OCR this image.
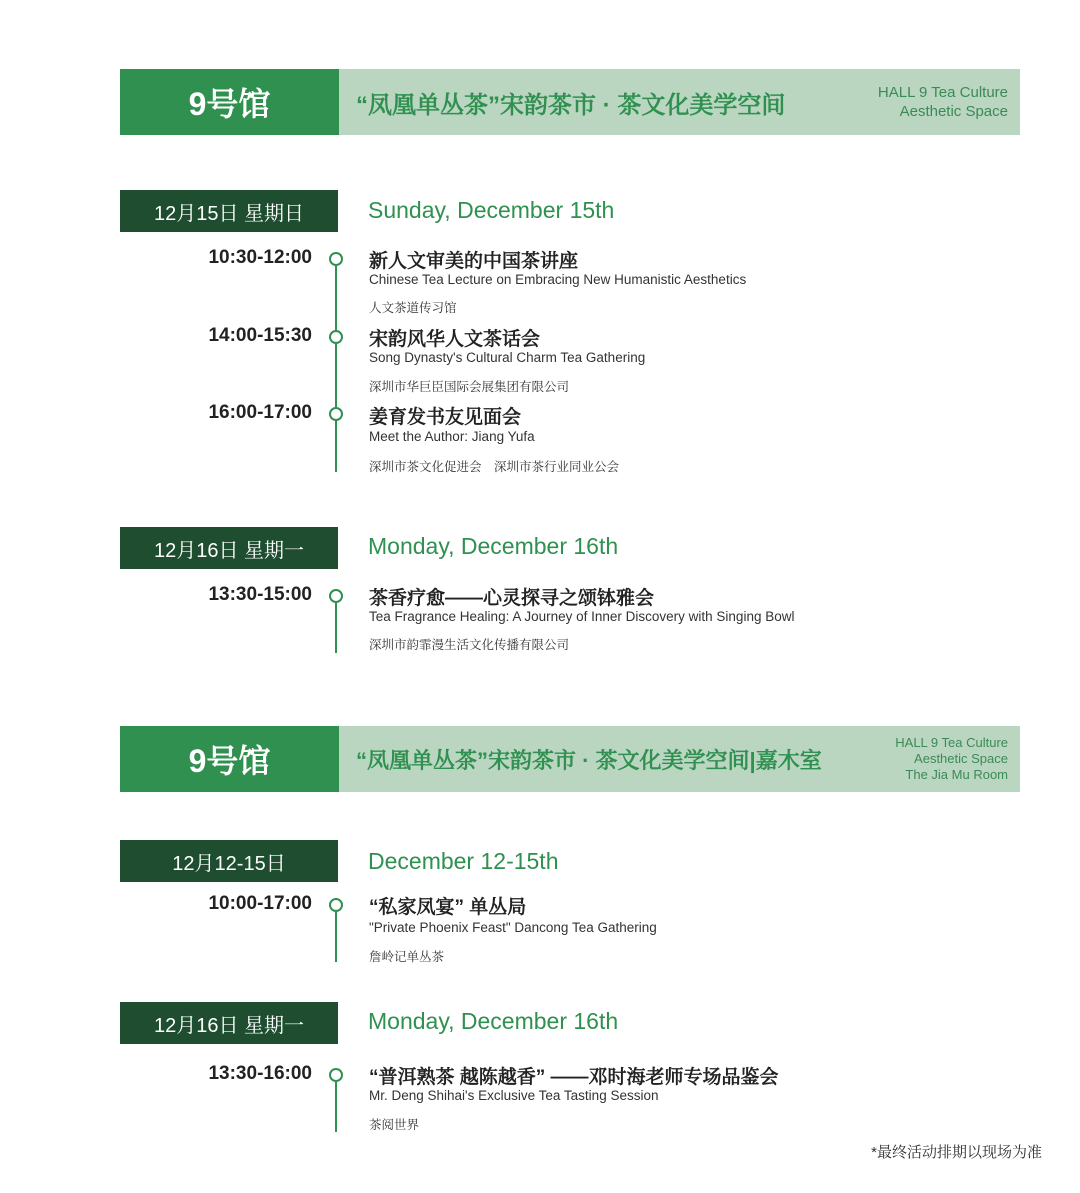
9号馆	“凤凰单丛茶”宋韵茶市 · 茶文化美学空间	HALL 9 Tea Culture
Aesthetic Space
12月15日 星期日	Sunday, December 15th
10:30-12:00	新人文审美的中国茶讲座
Chinese Tea Lecture on Embracing New Humanistic Aesthetics
人文茶道传习馆
14:00-15:30	宋韵风华人文茶话会
Song Dynasty's Cultural Charm Tea Gathering
深圳市华巨臣国际会展集团有限公司
16:00-17:00	姜育发书友见面会
Meet the Author: Jiang Yufa
深圳市茶文化促进会　深圳市茶行业同业公会
12月16日 星期一	Monday, December 16th
13:30-15:00	茶香疗愈——心灵探寻之颂钵雅会
Tea Fragrance Healing: A Journey of Inner Discovery with Singing Bowl
深圳市韵霏漫生活文化传播有限公司
9号馆	“凤凰单丛茶”宋韵茶市 · 茶文化美学空间|嘉木室
HALL 9 Tea Culture
Aesthetic Space
The Jia Mu Room
12月12-15日	December 12-15th
10:00-17:00	“私家凤宴” 单丛局
"Private Phoenix Feast" Dancong Tea Gathering
詹岭记单丛茶
12月16日 星期一	Monday, December 16th
13:30-16:00	“普洱熟茶 越陈越香” ——邓时海老师专场品鉴会
Mr. Deng Shihai's Exclusive Tea Tasting Session
茶阅世界
*最终活动排期以现场为准
